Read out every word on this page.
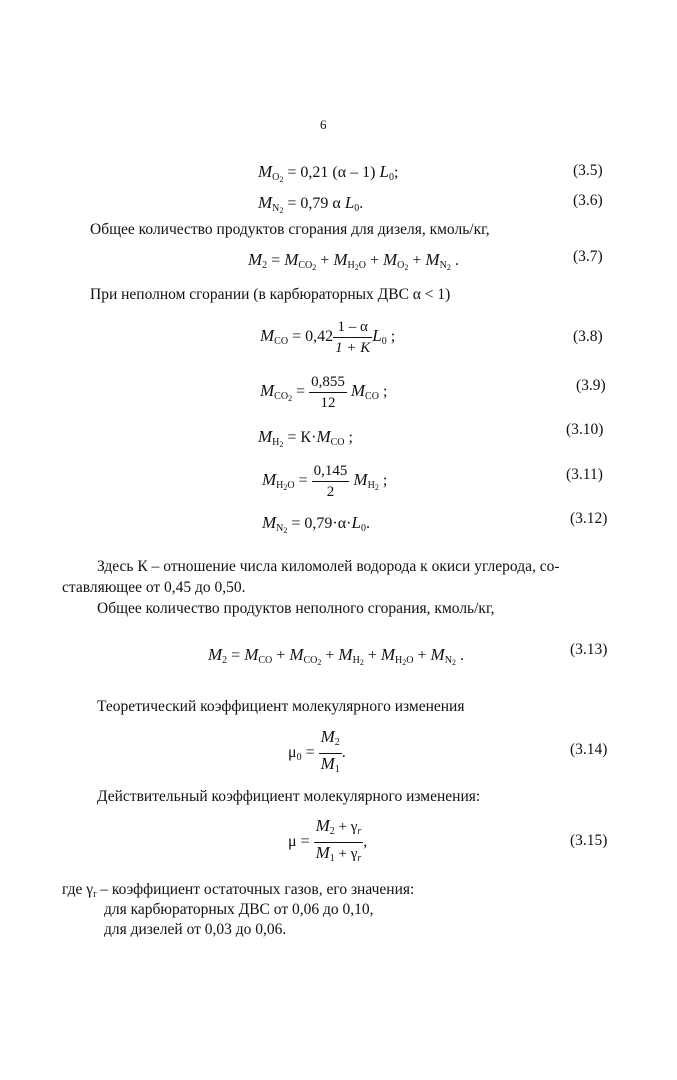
6
$M_{O_2} = 0,21$ (α – 1) $L_0$;	(3.5)
$M_{N_2} = 0,79$ α $L_0$.	(3.6)
Общее количество продуктов сгорания для дизеля, кмоль/кг,
$M_2 = M_{CO_2} + M_{H_2O} + M_{O_2} + M_{N_2}$ .	(3.7)
При неполном сгорании (в карбюраторных ДВС α < 1)
$M_{CO} = 0,42 \frac{1 - \alpha}{1 + K} L_0$ ;	(3.8)
$M_{CO_2} = \frac{0,855}{12} M_{CO}$ ;	(3.9)
$M_{H_2} = К\cdot M_{CO}$ ;	(3.10)
$M_{H_2O} = \frac{0,145}{2} M_{H_2}$ ;	(3.11)
$M_{N_2} = 0,79\cdot\alpha\cdot L_0$.	(3.12)
Здесь К – отношение числа киломолей водорода к окиси углерода, со-
ставляющее от 0,45 до 0,50.
Общее количество продуктов неполного сгорания, кмоль/кг,
$M_2 = M_{CO} + M_{CO_2} + M_{H_2} + M_{H_2O} + M_{N_2}$ .	(3.13)
Теоретический коэффициент молекулярного изменения
$\mu_0 = \frac{M_2}{M_1}$ .	(3.14)
Действительный коэффициент молекулярного изменения:
$\mu = \frac{M_2 + \gamma_r}{M_1 + \gamma_r}$ ,	(3.15)
где $\gamma_r$ – коэффициент остаточных газов, его значения:
для карбюраторных ДВС от 0,06 до 0,10,
для дизелей от 0,03 до 0,06.
